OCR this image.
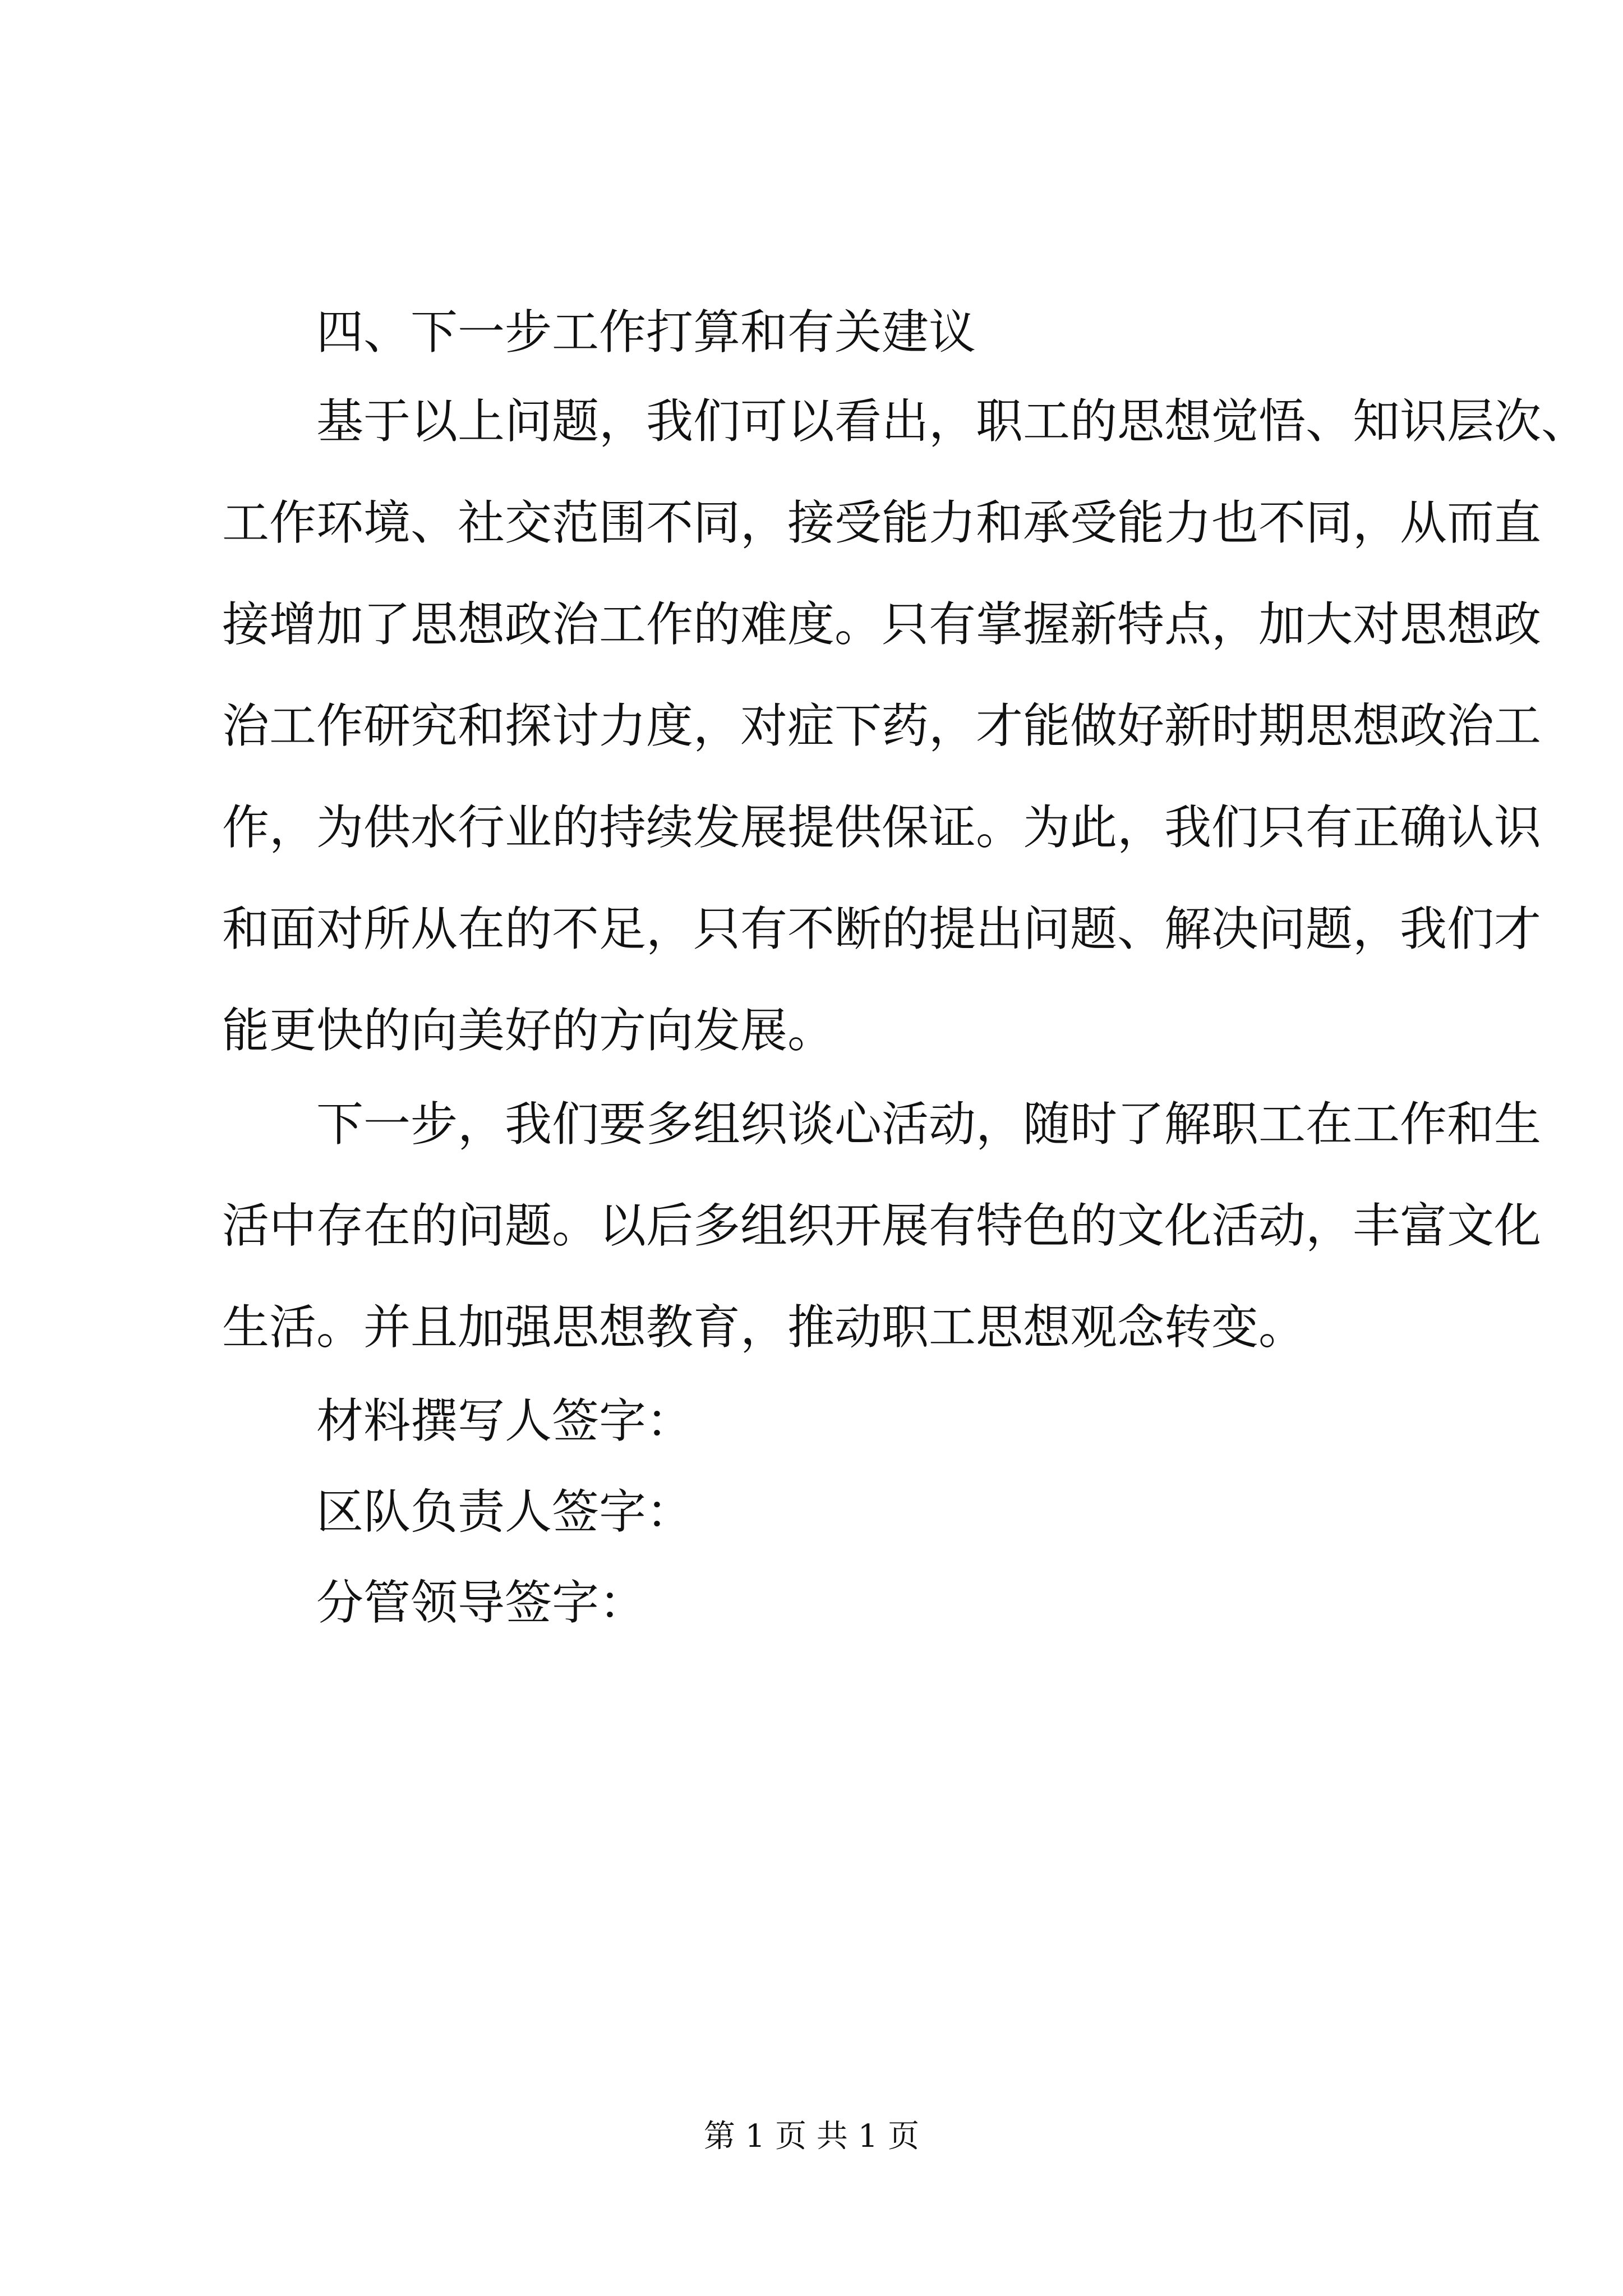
四、下一步工作打算和有关建议
基于以上问题，我们可以看出，职工的思想觉悟、知识层次、
工作环境、社交范围不同，接受能力和承受能力也不同，从而直
接增加了思想政治工作的难度。只有掌握新特点，加大对思想政
治工作研究和探讨力度，对症下药，才能做好新时期思想政治工
作，为供水行业的持续发展提供保证。为此，我们只有正确认识
和面对所从在的不足，只有不断的提出问题、解决问题，我们才
能更快的向美好的方向发展。
下一步，我们要多组织谈心活动，随时了解职工在工作和生
活中存在的问题。以后多组织开展有特色的文化活动，丰富文化
生活。并且加强思想教育，推动职工思想观念转变。
材料撰写人签字：
区队负责人签字：
分管领导签字：
第 1 页 共 1 页
